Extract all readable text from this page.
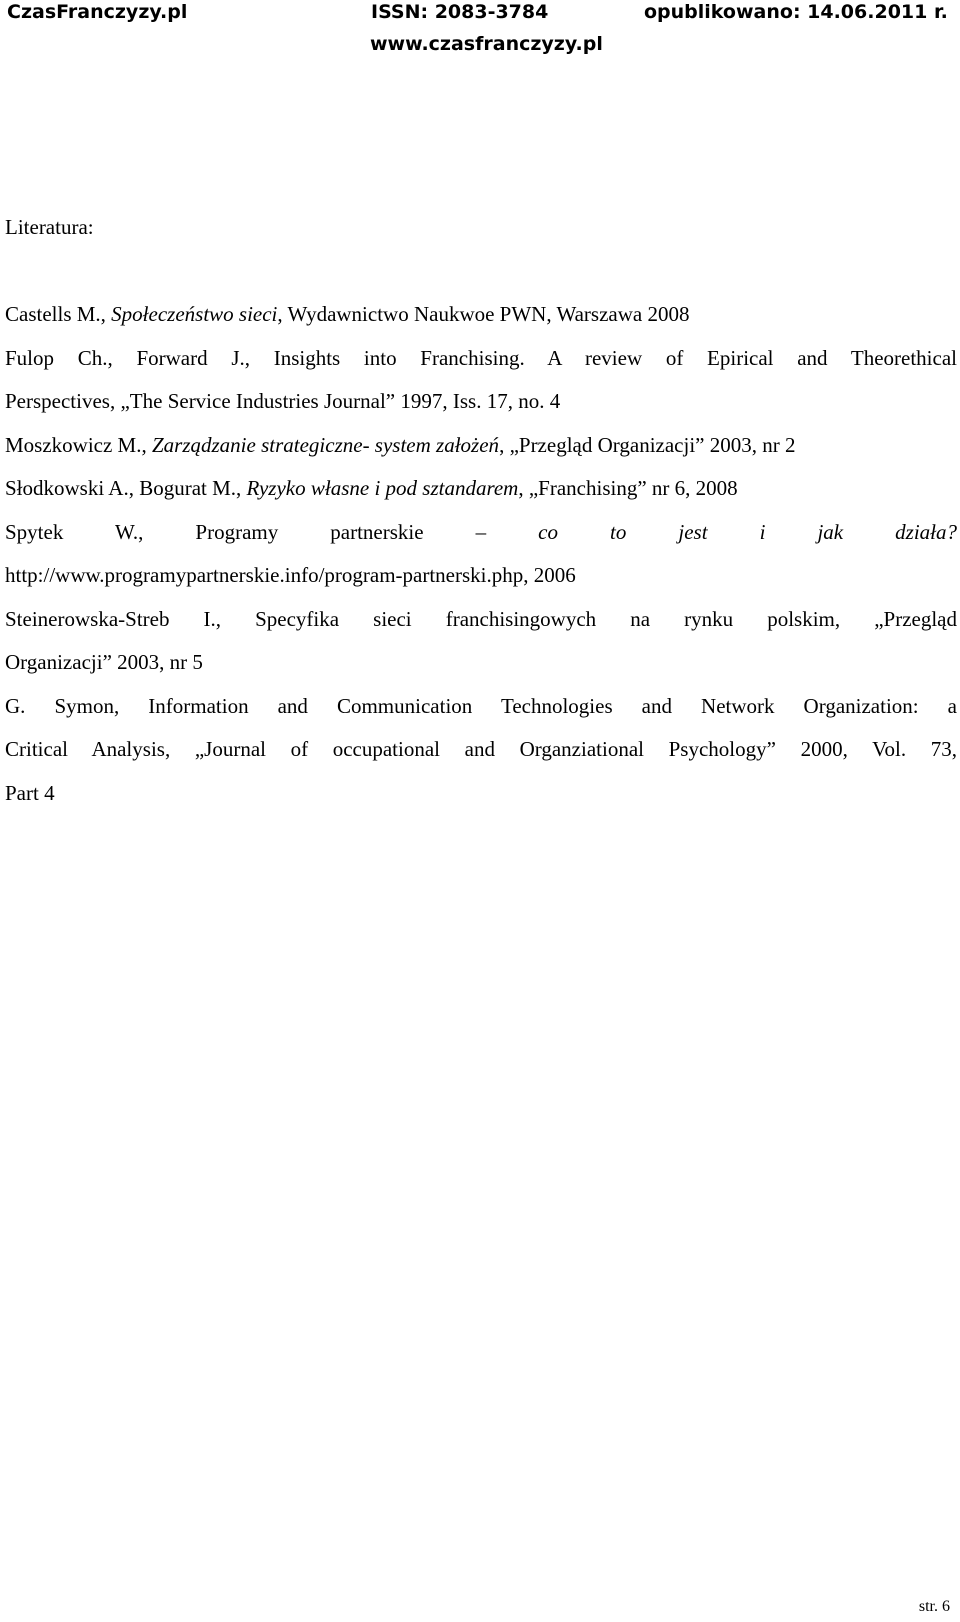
CzasFranczyzy.pl	ISSN: 2083-3784	opublikowano: 14.06.2011 r.
www.czasfranczyzy.pl
Literatura:
Castells M., Społeczeństwo sieci, Wydawnictwo Naukwoe PWN, Warszawa 2008
Fulop Ch., Forward J., Insights into Franchising. A review of Epirical and Theorethical
Perspectives, „The Service Industries Journal” 1997, Iss. 17, no. 4
Moszkowicz M., Zarządzanie strategiczne- system założeń, „Przegląd Organizacji” 2003, nr 2
Słodkowski A., Bogurat M., Ryzyko własne i pod sztandarem, „Franchising” nr 6, 2008
Spytek W., Programy partnerskie – co to jest i jak działa?
http://www.programypartnerskie.info/program-partnerski.php, 2006
Steinerowska-Streb I., Specyfika sieci franchisingowych na rynku polskim, „Przegląd
Organizacji” 2003, nr 5
G. Symon, Information and Communication Technologies and Network Organization: a
Critical Analysis, „Journal of occupational and Organziational Psychology” 2000, Vol. 73,
Part 4
str. 6
